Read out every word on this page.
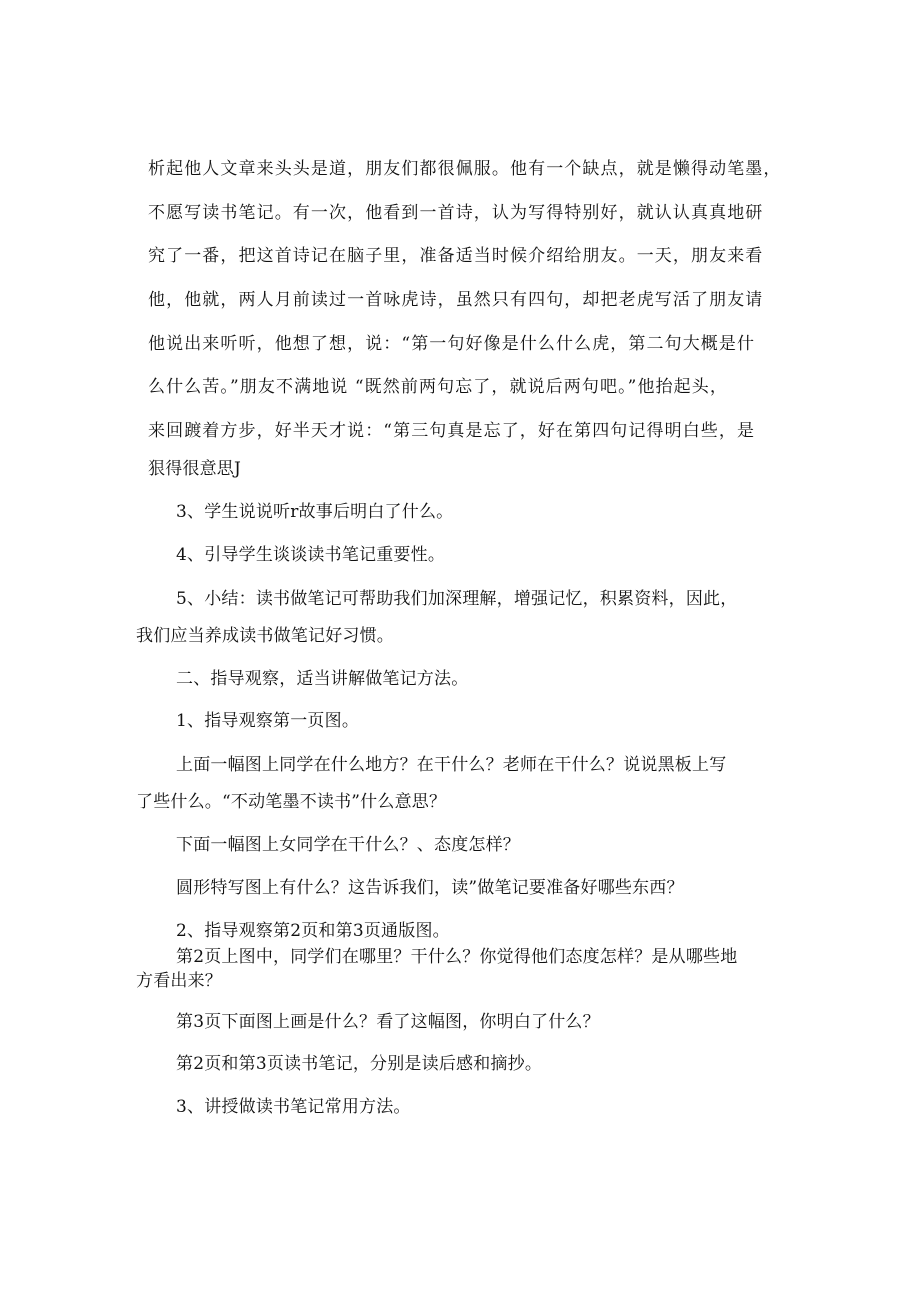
析起他人文章来头头是道，朋友们都很佩服。他有一个缺点，就是懒得动笔墨，

不愿写读书笔记。有一次，他看到一首诗，认为写得特别好，就认认真真地研

究了一番，把这首诗记在脑子里，准备适当时候介绍给朋友。一天，朋友来看

他，他就，两人月前读过一首咏虎诗，虽然只有四句，却把老虎写活了朋友请

他说出来听听，他想了想，说：“第一句好像是什么什么虎，第二句大概是什

么什么苦。”朋友不满地说 “既然前两句忘了，就说后两句吧。”他抬起头，

来回踱着方步，好半天才说：“第三句真是忘了，好在第四句记得明白些，是

狠得很意思J

3、学生说说听r故事后明白了什么。

4、引导学生谈谈读书笔记重要性。

5、小结：读书做笔记可帮助我们加深理解，增强记忆，积累资料，因此，

我们应当养成读书做笔记好习惯。

二、指导观察，适当讲解做笔记方法。

1、指导观察第一页图。

上面一幅图上同学在什么地方？在干什么？老师在干什么？说说黑板上写

了些什么。“不动笔墨不读书”什么意思？

下面一幅图上女同学在干什么？、态度怎样？

圆形特写图上有什么？这告诉我们，读”做笔记要准备好哪些东西？

2、指导观察第2页和第3页通版图。

第2页上图中，同学们在哪里？干什么？你觉得他们态度怎样？是从哪些地

方看出来？

第3页下面图上画是什么？看了这幅图，你明白了什么？

第2页和第3页读书笔记，分别是读后感和摘抄。

3、讲授做读书笔记常用方法。
